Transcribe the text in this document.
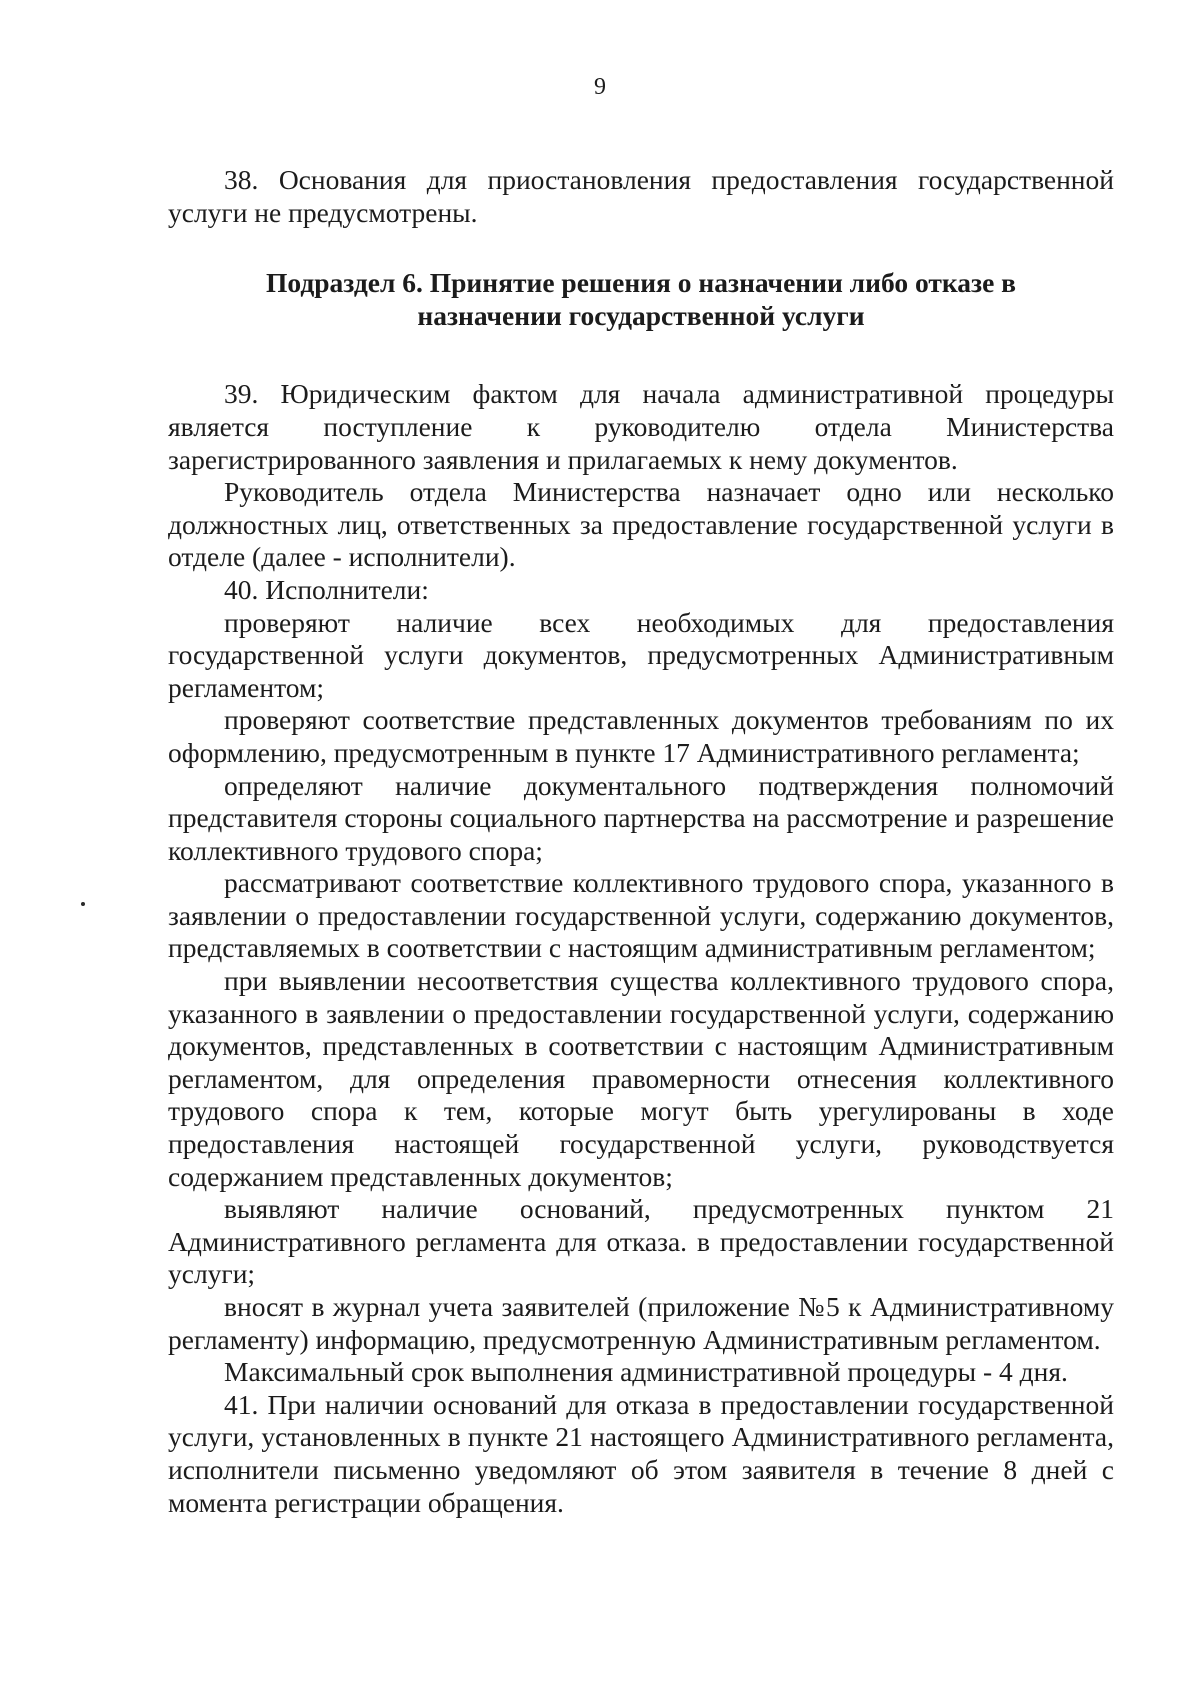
9

38. Основания для приостановления предоставления государственной услуги не предусмотрены.

Подраздел 6. Принятие решения о назначении либо отказе в
назначении государственной услуги

39. Юридическим фактом для начала административной процедуры является поступление к руководителю отдела Министерства зарегистрированного заявления и прилагаемых к нему документов.

Руководитель отдела Министерства назначает одно или несколько должностных лиц, ответственных за предоставление государственной услуги в отделе (далее - исполнители).

40. Исполнители:

проверяют наличие всех необходимых для предоставления государственной услуги документов, предусмотренных Административным регламентом;

проверяют соответствие представленных документов требованиям по их оформлению, предусмотренным в пункте 17 Административного регламента;

определяют наличие документального подтверждения полномочий представителя стороны социального партнерства на рассмотрение и разрешение коллективного трудового спора;

рассматривают соответствие коллективного трудового спора, указанного в заявлении о предоставлении государственной услуги, содержанию документов, представляемых в соответствии с настоящим административным регламентом;

при выявлении несоответствия существа коллективного трудового спора, указанного в заявлении о предоставлении государственной услуги, содержанию документов, представленных в соответствии с настоящим Административным регламентом, для определения правомерности отнесения коллективного трудового спора к тем, которые могут быть урегулированы в ходе предоставления настоящей государственной услуги, руководствуется содержанием представленных документов;

выявляют наличие оснований, предусмотренных пунктом 21 Административного регламента для отказа. в предоставлении государственной услуги;

вносят в журнал учета заявителей (приложение №5 к Административному регламенту) информацию, предусмотренную Административным регламентом.

Максимальный срок выполнения административной процедуры - 4 дня.

41. При наличии оснований для отказа в предоставлении государственной услуги, установленных в пункте 21 настоящего Административного регламента, исполнители письменно уведомляют об этом заявителя в течение 8 дней с момента регистрации обращения.
